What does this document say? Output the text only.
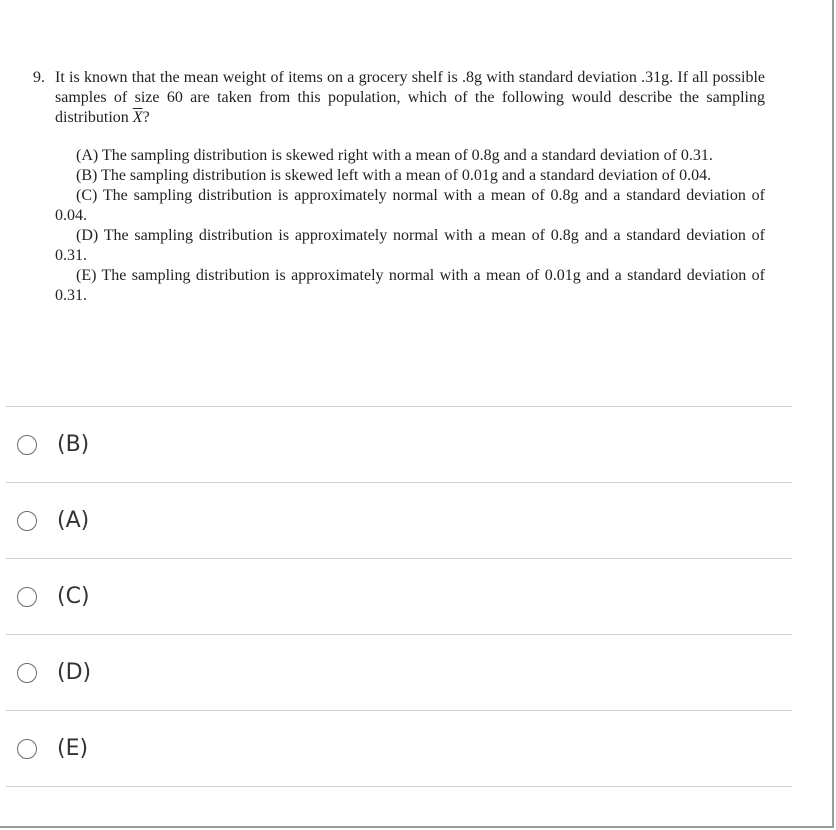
9. It is known that the mean weight of items on a grocery shelf is .8g with standard deviation .31g. If all possible samples of size 60 are taken from this population, which of the following would describe the sampling distribution $\overline{X}$?
(A) The sampling distribution is skewed right with a mean of 0.8g and a standard deviation of 0.31.
(B) The sampling distribution is skewed left with a mean of 0.01g and a standard deviation of 0.04.
(C) The sampling distribution is approximately normal with a mean of 0.8g and a standard deviation of 0.04.
(D) The sampling distribution is approximately normal with a mean of 0.8g and a standard deviation of 0.31.
(E) The sampling distribution is approximately normal with a mean of 0.01g and a standard deviation of 0.31.
(B)
(A)
(C)
(D)
(E)
